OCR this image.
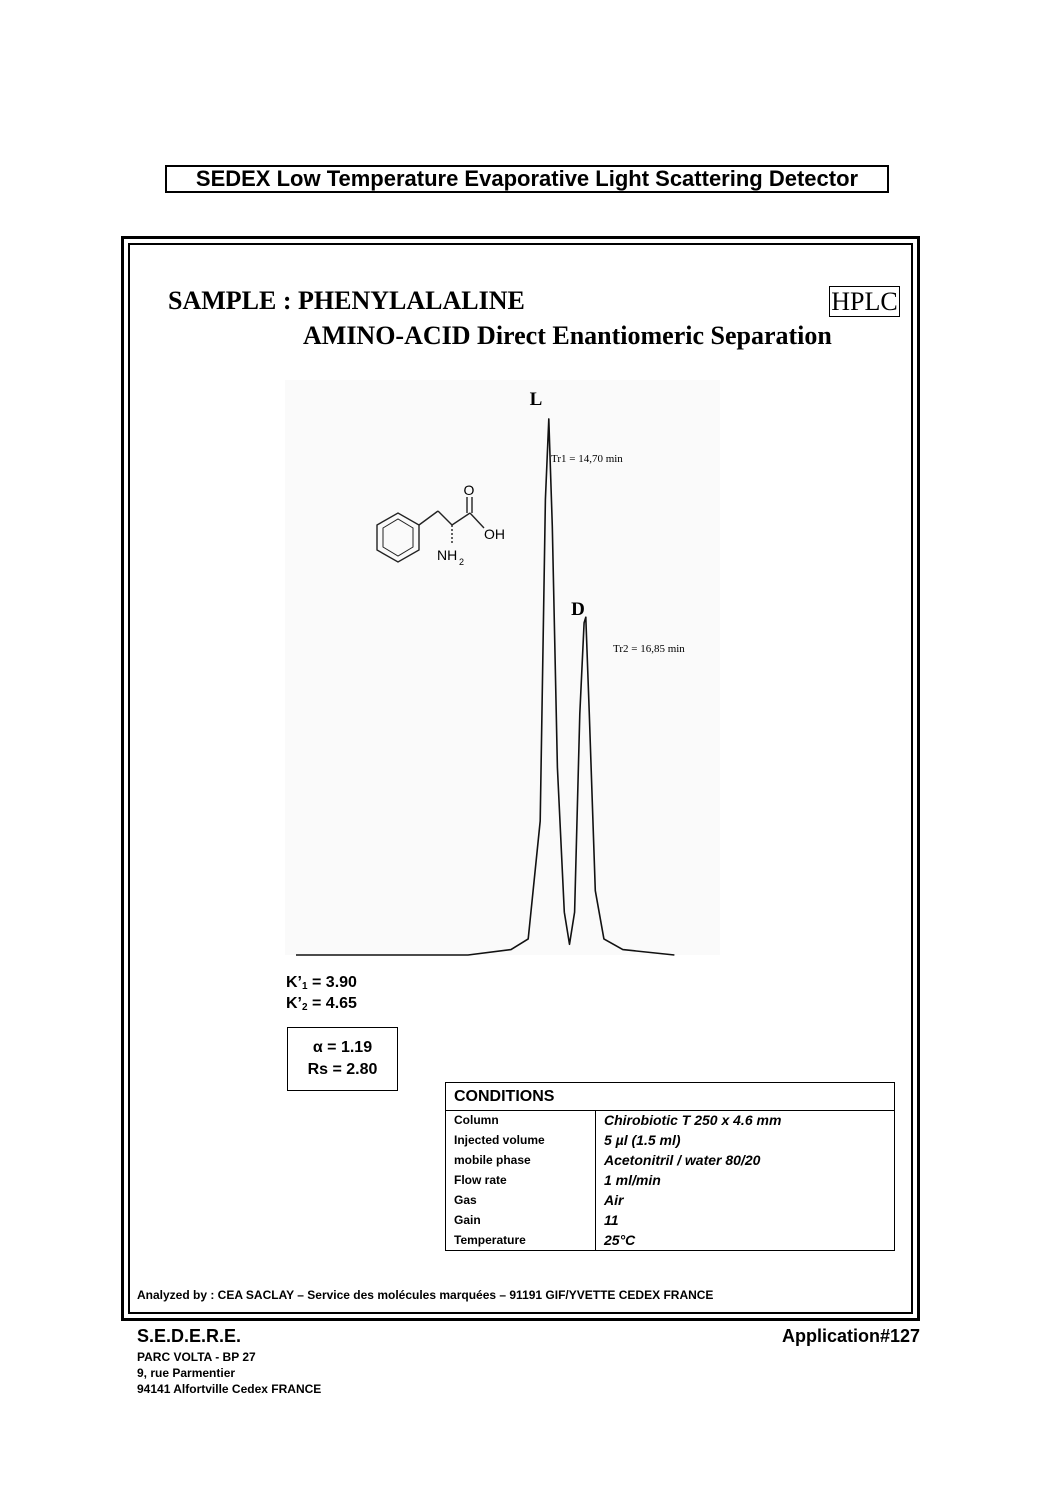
SEDEX Low Temperature Evaporative Light Scattering Detector
SAMPLE : PHENYLALALINE
AMINO-ACID Direct Enantiomeric Separation
HPLC
O
OH
NH 2
L
D
Tr1 = 14,70 min
Tr2 = 16,85 min
$K’_1 = 3.90$
$K’_2 = 4.65$
α = 1.19
Rs = 2.80
CONDITIONS
Column	Chirobiotic T 250 x 4.6 mm
Injected volume	5 µl (1.5 ml)
mobile phase	Acetonitril / water 80/20
Flow rate	1 ml/min
Gas	Air
Gain	11
Temperature	25°C
Analyzed by : CEA SACLAY – Service des molécules marquées – 91191 GIF/YVETTE CEDEX FRANCE
S.E.D.E.R.E.	Application#127
PARC VOLTA - BP 27
9, rue Parmentier
94141 Alfortville Cedex FRANCE
